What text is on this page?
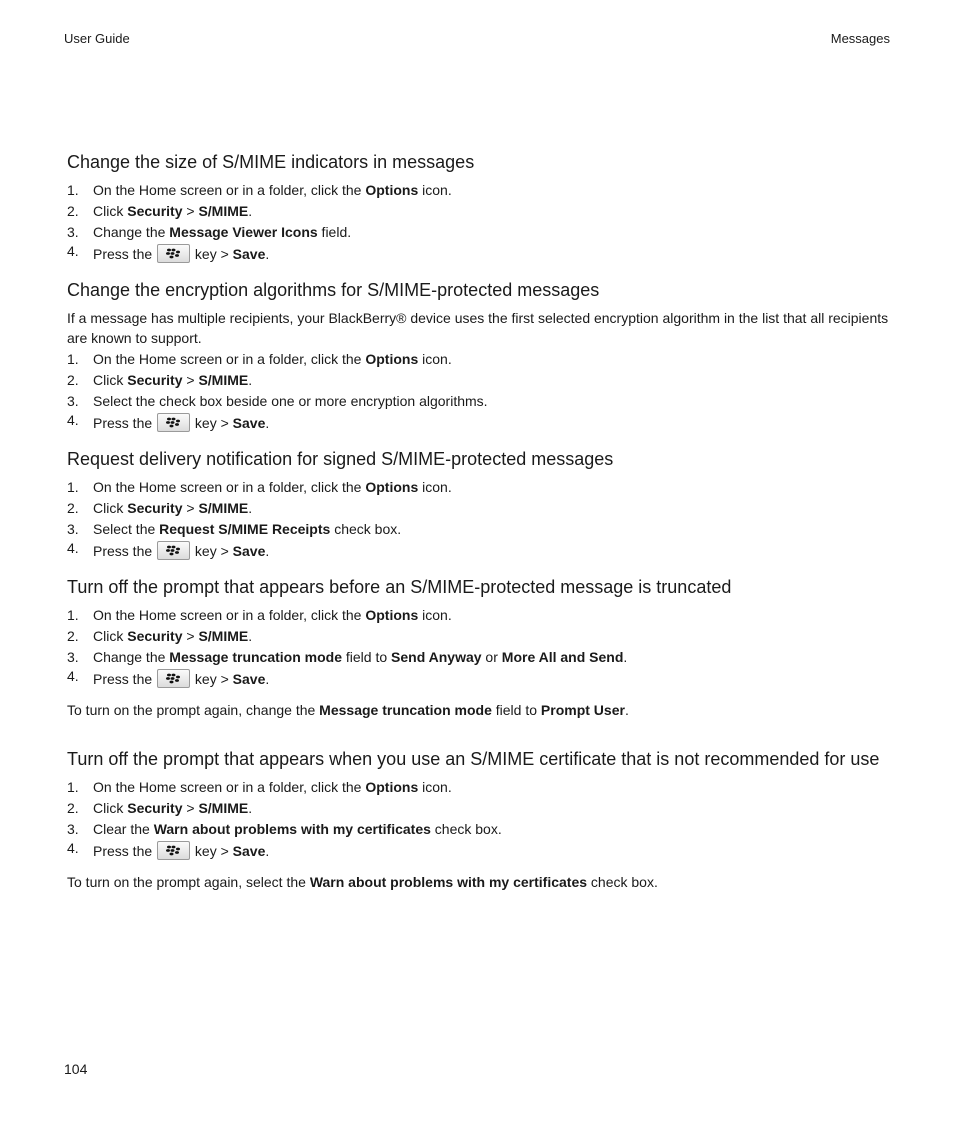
User Guide	Messages
Change the size of S/MIME indicators in messages
1. On the Home screen or in a folder, click the Options icon.
2. Click Security > S/MIME.
3. Change the Message Viewer Icons field.
4. Press the	key > Save.
Change the encryption algorithms for S/MIME-protected messages

If a message has multiple recipients, your BlackBerry® device uses the first selected encryption algorithm in the list that all recipients are known to support.

1. On the Home screen or in a folder, click the Options icon.
2. Click Security > S/MIME.
3. Select the check box beside one or more encryption algorithms.
4. Press the	key > Save.
Request delivery notification for signed S/MIME-protected messages
1. On the Home screen or in a folder, click the Options icon.
2. Click Security > S/MIME.
3. Select the Request S/MIME Receipts check box.
4. Press the	key > Save.
Turn off the prompt that appears before an S/MIME-protected message is truncated
1. On the Home screen or in a folder, click the Options icon.
2. Click Security > S/MIME.
3. Change the Message truncation mode field to Send Anyway or More All and Send.
4. Press the	key > Save.

To turn on the prompt again, change the Message truncation mode field to Prompt User.

Turn off the prompt that appears when you use an S/MIME certificate that is not recommended for use
1. On the Home screen or in a folder, click the Options icon.
2. Click Security > S/MIME.
3. Clear the Warn about problems with my certificates check box.
4. Press the	key > Save.

To turn on the prompt again, select the Warn about problems with my certificates check box.

104
